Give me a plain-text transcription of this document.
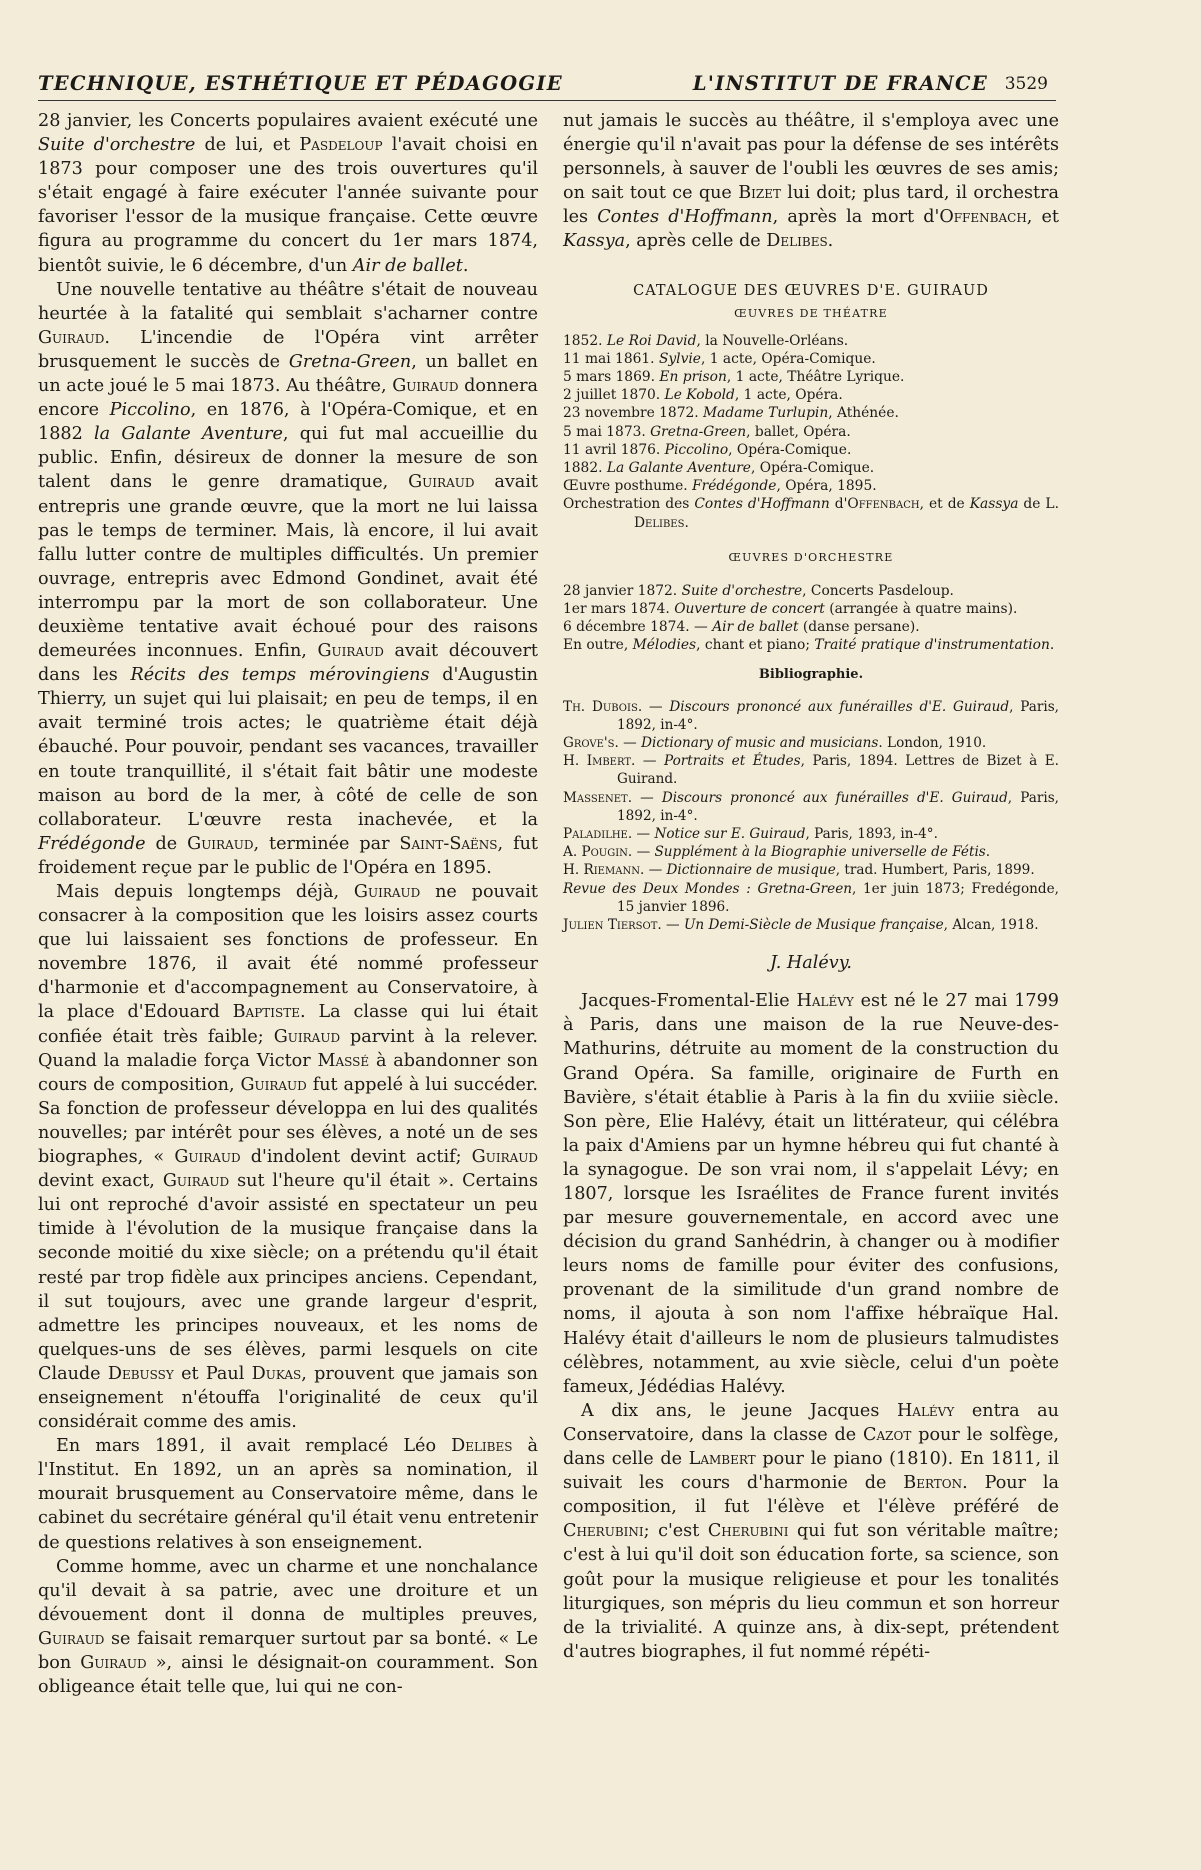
TECHNIQUE, ESTHÉTIQUE ET PÉDAGOGIE	L'INSTITUT DE FRANCE 3529

28 janvier, les Concerts populaires avaient exécuté une Suite d'orchestre de lui, et Pasdeloup l'avait choisi en 1873 pour composer une des trois ouvertures qu'il s'était engagé à faire exécuter l'année suivante pour favoriser l'essor de la musique française. Cette œuvre figura au programme du concert du 1er mars 1874, bientôt suivie, le 6 décembre, d'un Air de ballet.

Une nouvelle tentative au théâtre s'était de nouveau heurtée à la fatalité qui semblait s'acharner contre Guiraud. L'incendie de l'Opéra vint arrêter brusquement le succès de Gretna-Green, un ballet en un acte joué le 5 mai 1873. Au théâtre, Guiraud donnera encore Piccolino, en 1876, à l'Opéra-Comique, et en 1882 la Galante Aventure, qui fut mal accueillie du public. Enfin, désireux de donner la mesure de son talent dans le genre dramatique, Guiraud avait entrepris une grande œuvre, que la mort ne lui laissa pas le temps de terminer. Mais, là encore, il lui avait fallu lutter contre de multiples difficultés. Un premier ouvrage, entrepris avec Edmond Gondinet, avait été interrompu par la mort de son collaborateur. Une deuxième tentative avait échoué pour des raisons demeurées inconnues. Enfin, Guiraud avait découvert dans les Récits des temps mérovingiens d'Augustin Thierry, un sujet qui lui plaisait; en peu de temps, il en avait terminé trois actes; le quatrième était déjà ébauché. Pour pouvoir, pendant ses vacances, travailler en toute tranquillité, il s'était fait bâtir une modeste maison au bord de la mer, à côté de celle de son collaborateur. L'œuvre resta inachevée, et la Frédégonde de Guiraud, terminée par Saint-Saëns, fut froidement reçue par le public de l'Opéra en 1895.

Mais depuis longtemps déjà, Guiraud ne pouvait consacrer à la composition que les loisirs assez courts que lui laissaient ses fonctions de professeur. En novembre 1876, il avait été nommé professeur d'harmonie et d'accompagnement au Conservatoire, à la place d'Edouard Baptiste. La classe qui lui était confiée était très faible; Guiraud parvint à la relever. Quand la maladie força Victor Massé à abandonner son cours de composition, Guiraud fut appelé à lui succéder. Sa fonction de professeur développa en lui des qualités nouvelles; par intérêt pour ses élèves, a noté un de ses biographes, « Guiraud d'indolent devint actif; Guiraud devint exact, Guiraud sut l'heure qu'il était ». Certains lui ont reproché d'avoir assisté en spectateur un peu timide à l'évolution de la musique française dans la seconde moitié du xixe siècle; on a prétendu qu'il était resté par trop fidèle aux principes anciens. Cependant, il sut toujours, avec une grande largeur d'esprit, admettre les principes nouveaux, et les noms de quelques-uns de ses élèves, parmi lesquels on cite Claude Debussy et Paul Dukas, prouvent que jamais son enseignement n'étouffa l'originalité de ceux qu'il considérait comme des amis.

En mars 1891, il avait remplacé Léo Delibes à l'Institut. En 1892, un an après sa nomination, il mourait brusquement au Conservatoire même, dans le cabinet du secrétaire général qu'il était venu entretenir de questions relatives à son enseignement.

Comme homme, avec un charme et une nonchalance qu'il devait à sa patrie, avec une droiture et un dévouement dont il donna de multiples preuves, Guiraud se faisait remarquer surtout par sa bonté. « Le bon Guiraud », ainsi le désignait-on couramment. Son obligeance était telle que, lui qui ne con-

nut jamais le succès au théâtre, il s'employa avec une énergie qu'il n'avait pas pour la défense de ses intérêts personnels, à sauver de l'oubli les œuvres de ses amis; on sait tout ce que Bizet lui doit; plus tard, il orchestra les Contes d'Hoffmann, après la mort d'Offenbach, et Kassya, après celle de Delibes.

CATALOGUE DES ŒUVRES D'E. GUIRAUD
ŒUVRES DE THÉATRE
1852. Le Roi David, la Nouvelle-Orléans.
11 mai 1861. Sylvie, 1 acte, Opéra-Comique.
5 mars 1869. En prison, 1 acte, Théâtre Lyrique.
2 juillet 1870. Le Kobold, 1 acte, Opéra.
23 novembre 1872. Madame Turlupin, Athénée.
5 mai 1873. Gretna-Green, ballet, Opéra.
11 avril 1876. Piccolino, Opéra-Comique.
1882. La Galante Aventure, Opéra-Comique.
Œuvre posthume. Frédégonde, Opéra, 1895.
Orchestration des Contes d'Hoffmann d'Offenbach, et de Kassya de L. Delibes.
ŒUVRES D'ORCHESTRE
28 janvier 1872. Suite d'orchestre, Concerts Pasdeloup.
1er mars 1874. Ouverture de concert (arrangée à quatre mains).
6 décembre 1874. — Air de ballet (danse persane).
En outre, Mélodies, chant et piano; Traité pratique d'instrumentation.
Bibliographie.
Th. Dubois. — Discours prononcé aux funérailles d'E. Guiraud, Paris, 1892, in-4°.
Grove's. — Dictionary of music and musicians. London, 1910.
H. Imbert. — Portraits et Études, Paris, 1894. Lettres de Bizet à E. Guirand.
Massenet. — Discours prononcé aux funérailles d'E. Guiraud, Paris, 1892, in-4°.
Paladilhe. — Notice sur E. Guiraud, Paris, 1893, in-4°.
A. Pougin. — Supplément à la Biographie universelle de Fétis.
H. Riemann. — Dictionnaire de musique, trad. Humbert, Paris, 1899.
Revue des Deux Mondes : Gretna-Green, 1er juin 1873; Fredégonde, 15 janvier 1896.
Julien Tiersot. — Un Demi-Siècle de Musique française, Alcan, 1918.
J. Halévy.

Jacques-Fromental-Elie Halévy est né le 27 mai 1799 à Paris, dans une maison de la rue Neuve-des-Mathurins, détruite au moment de la construction du Grand Opéra. Sa famille, originaire de Furth en Bavière, s'était établie à Paris à la fin du xviiie siècle. Son père, Elie Halévy, était un littérateur, qui célébra la paix d'Amiens par un hymne hébreu qui fut chanté à la synagogue. De son vrai nom, il s'appelait Lévy; en 1807, lorsque les Israélites de France furent invités par mesure gouvernementale, en accord avec une décision du grand Sanhédrin, à changer ou à modifier leurs noms de famille pour éviter des confusions, provenant de la similitude d'un grand nombre de noms, il ajouta à son nom l'affixe hébraïque Hal. Halévy était d'ailleurs le nom de plusieurs talmudistes célèbres, notamment, au xvie siècle, celui d'un poète fameux, Jédédias Halévy.

A dix ans, le jeune Jacques Halévy entra au Conservatoire, dans la classe de Cazot pour le solfège, dans celle de Lambert pour le piano (1810). En 1811, il suivait les cours d'harmonie de Berton. Pour la composition, il fut l'élève et l'élève préféré de Cherubini; c'est Cherubini qui fut son véritable maître; c'est à lui qu'il doit son éducation forte, sa science, son goût pour la musique religieuse et pour les tonalités liturgiques, son mépris du lieu commun et son horreur de la trivialité. A quinze ans, à dix-sept, prétendent d'autres biographes, il fut nommé répéti-
